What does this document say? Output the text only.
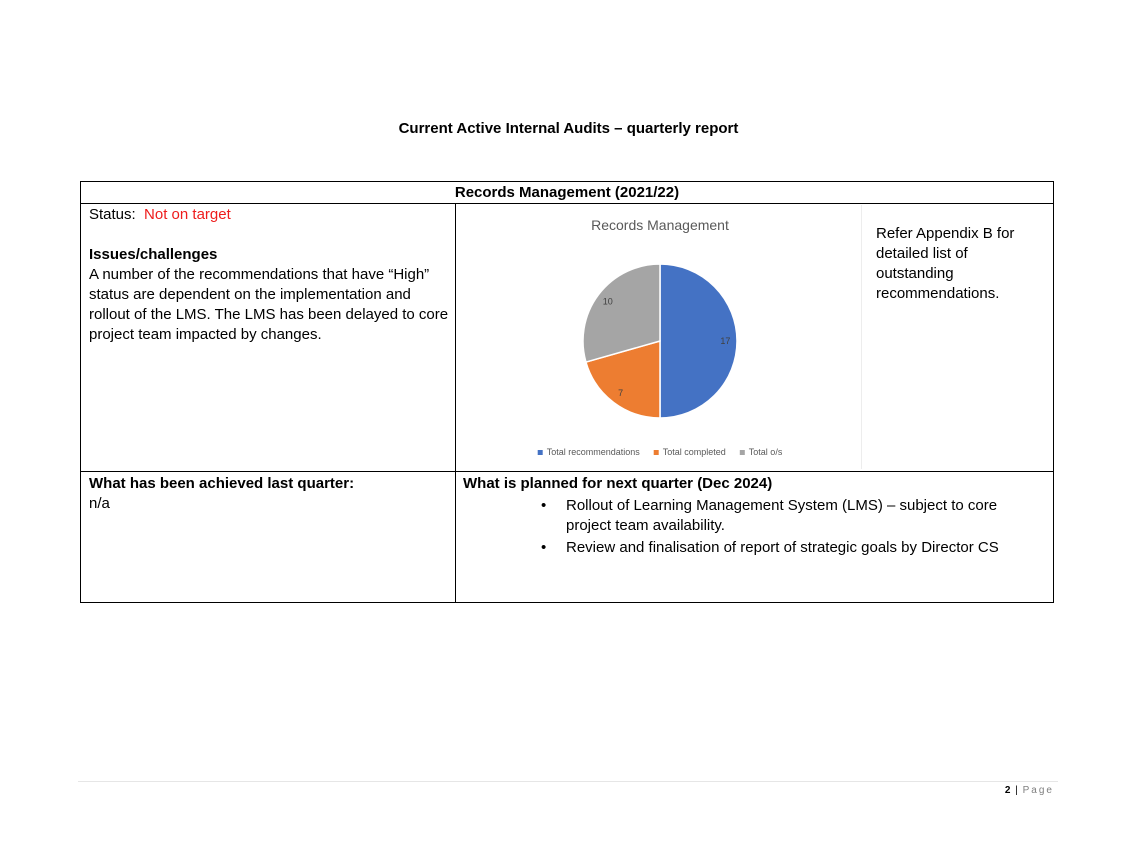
Current Active Internal Audits – quarterly report
Records Management (2021/22)
Status: Not on target
Issues/challenges
A number of the recommendations that have “High” status are dependent on the implementation and rollout of the LMS. The LMS has been delayed to core project team impacted by changes.
Records Management
17
7
10
Total recommendations	Total completed	Total o/s
Refer Appendix B for detailed list of outstanding recommendations.
What has been achieved last quarter:
n/a
What is planned for next quarter (Dec 2024)
• Rollout of Learning Management System (LMS) – subject to core project team availability.
• Review and finalisation of report of strategic goals by Director CS
2 | Page
